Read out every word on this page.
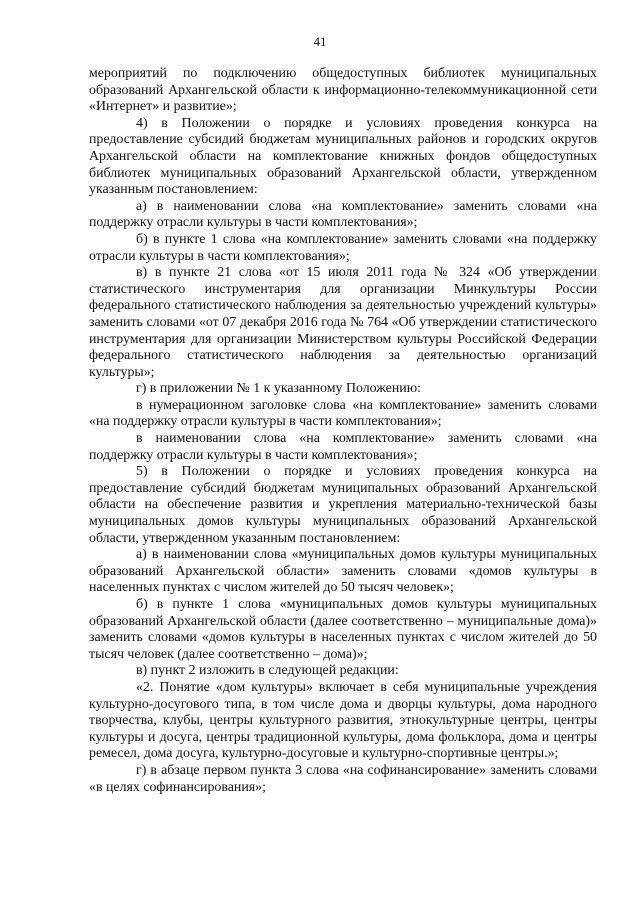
41

мероприятий по подключению общедоступных библиотек муниципальных образований Архангельской области к информационно-телекоммуникационной сети «Интернет» и развитие»;

4) в Положении о порядке и условиях проведения конкурса на предоставление субсидий бюджетам муниципальных районов и городских округов Архангельской области на комплектование книжных фондов общедоступных библиотек муниципальных образований Архангельской области, утвержденном указанным постановлением:

а) в наименовании слова «на комплектование» заменить словами «на поддержку отрасли культуры в части комплектования»;

б) в пункте 1 слова «на комплектование» заменить словами «на поддержку отрасли культуры в части комплектования»;

в) в пункте 21 слова «от 15 июля 2011 года № 324 «Об утверждении статистического инструментария для организации Минкультуры России федерального статистического наблюдения за деятельностью учреждений культуры» заменить словами «от 07 декабря 2016 года № 764 «Об утверждении статистического инструментария для организации Министерством культуры Российской Федерации федерального статистического наблюдения за деятельностью организаций культуры»;

г) в приложении № 1 к указанному Положению:

в нумерационном заголовке слова «на комплектование» заменить словами «на поддержку отрасли культуры в части комплектования»;

в наименовании слова «на комплектование» заменить словами «на поддержку отрасли культуры в части комплектования»;

5) в Положении о порядке и условиях проведения конкурса на предоставление субсидий бюджетам муниципальных образований Архангельской области на обеспечение развития и укрепления материально-технической базы муниципальных домов культуры муниципальных образований Архангельской области, утвержденном указанным постановлением:

а) в наименовании слова «муниципальных домов культуры муниципальных образований Архангельской области» заменить словами «домов культуры в населенных пунктах с числом жителей до 50 тысяч человек»;

б) в пункте 1 слова «муниципальных домов культуры муниципальных образований Архангельской области (далее соответственно – муниципальные дома)» заменить словами «домов культуры в населенных пунктах с числом жителей до 50 тысяч человек (далее соответственно – дома)»;

в) пункт 2 изложить в следующей редакции:

«2. Понятие «дом культуры» включает в себя муниципальные учреждения культурно-досугового типа, в том числе дома и дворцы культуры, дома народного творчества, клубы, центры культурного развития, этнокультурные центры, центры культуры и досуга, центры традиционной культуры, дома фольклора, дома и центры ремесел, дома досуга, культурно-досуговые и культурно-спортивные центры.»;

г) в абзаце первом пункта 3 слова «на софинансирование» заменить словами «в целях софинансирования»;
